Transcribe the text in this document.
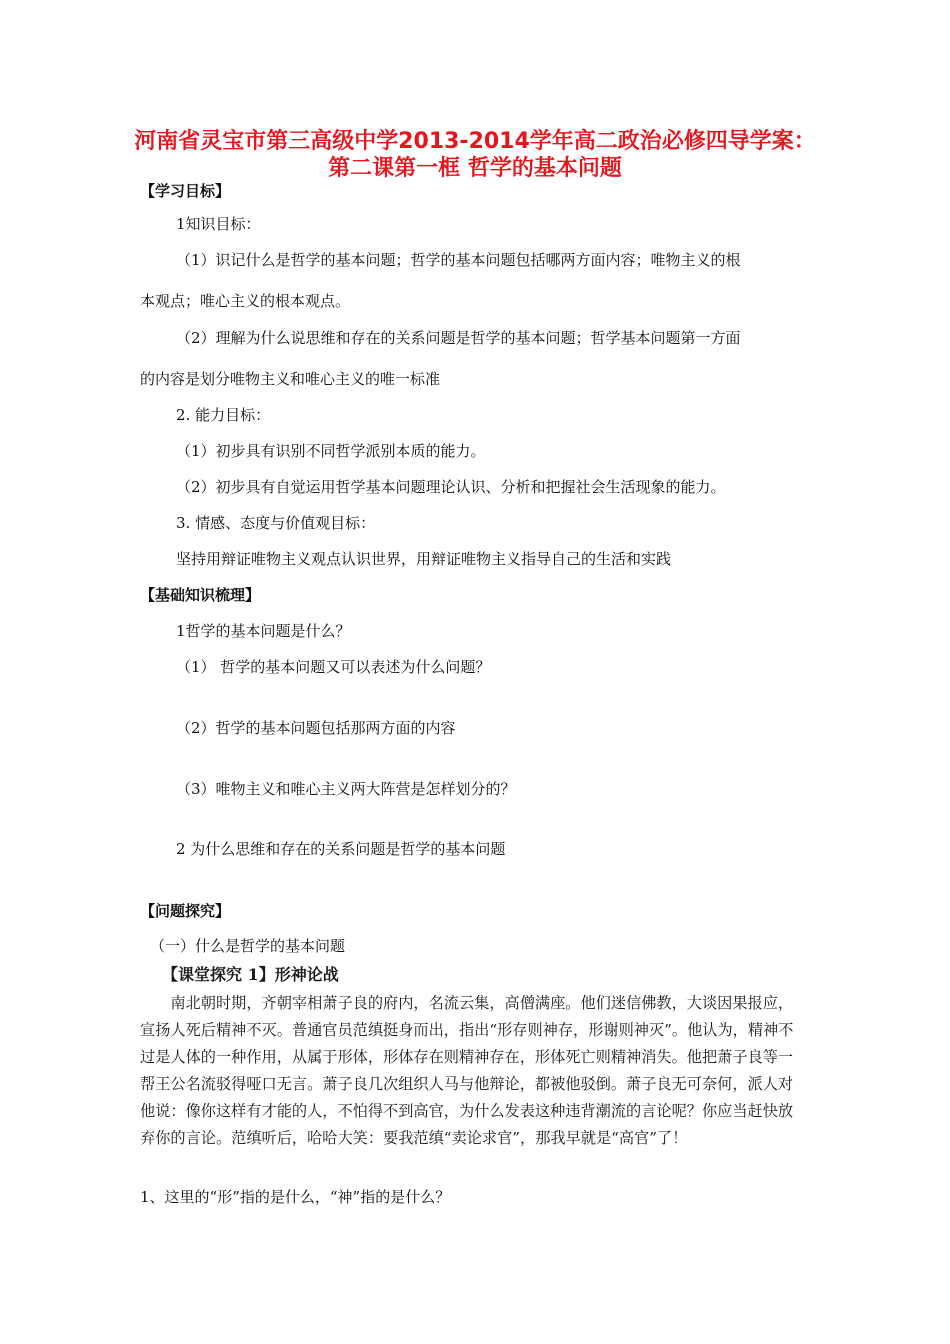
河南省灵宝市第三高级中学2013-2014学年高二政治必修四导学案：
第二课第一框 哲学的基本问题
【学习目标】
1知识目标：
（1）识记什么是哲学的基本问题；哲学的基本问题包括哪两方面内容；唯物主义的根
本观点；唯心主义的根本观点。
（2）理解为什么说思维和存在的关系问题是哲学的基本问题；哲学基本问题第一方面
的内容是划分唯物主义和唯心主义的唯一标准
2. 能力目标：
（1）初步具有识别不同哲学派别本质的能力。
（2）初步具有自觉运用哲学基本问题理论认识、分析和把握社会生活现象的能力。
3. 情感、态度与价值观目标：
坚持用辩证唯物主义观点认识世界，用辩证唯物主义指导自己的生活和实践
【基础知识梳理】
1哲学的基本问题是什么？
（1） 哲学的基本问题又可以表述为什么问题？
（2）哲学的基本问题包括那两方面的内容
（3）唯物主义和唯心主义两大阵营是怎样划分的？
2 为什么思维和存在的关系问题是哲学的基本问题
【问题探究】
（一）什么是哲学的基本问题
【课堂探究 1】形神论战
南北朝时期，齐朝宰相萧子良的府内，名流云集，高僧满座。他们迷信佛教，大谈因果报应，宣扬人死后精神不灭。普通官员范缜挺身而出，指出“形存则神存，形谢则神灭”。他认为，精神不过是人体的一种作用，从属于形体，形体存在则精神存在，形体死亡则精神消失。他把萧子良等一帮王公名流驳得哑口无言。萧子良几次组织人马与他辩论，都被他驳倒。萧子良无可奈何，派人对他说：像你这样有才能的人，不怕得不到高官，为什么发表这种违背潮流的言论呢？你应当赶快放弃你的言论。范缜听后，哈哈大笑：要我范缜“卖论求官”，那我早就是“高官”了！
1、这里的“形”指的是什么，“神”指的是什么？
